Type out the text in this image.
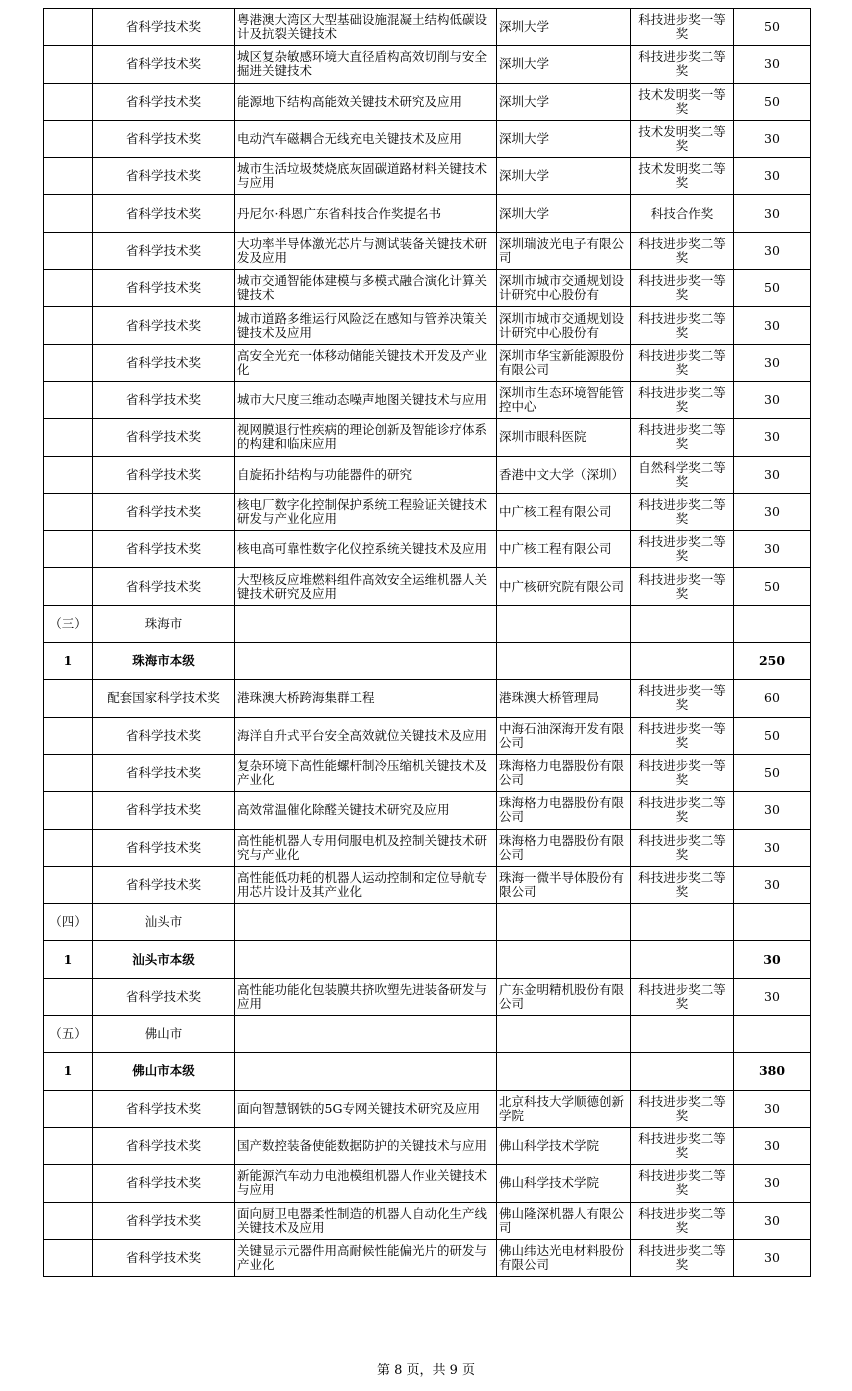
	省科学技术奖	粤港澳大湾区大型基础设施混凝土结构低碳设计及抗裂关键技术	深圳大学	科技进步奖一等奖	50
	省科学技术奖	城区复杂敏感环境大直径盾构高效切削与安全掘进关键技术	深圳大学	科技进步奖二等奖	30
	省科学技术奖	能源地下结构高能效关键技术研究及应用	深圳大学	技术发明奖一等奖	50
	省科学技术奖	电动汽车磁耦合无线充电关键技术及应用	深圳大学	技术发明奖二等奖	30
	省科学技术奖	城市生活垃圾焚烧底灰固碳道路材料关键技术与应用	深圳大学	技术发明奖二等奖	30
	省科学技术奖	丹尼尔·科恩广东省科技合作奖提名书	深圳大学	科技合作奖	30
	省科学技术奖	大功率半导体激光芯片与测试装备关键技术研发及应用	深圳瑞波光电子有限公司	科技进步奖二等奖	30
	省科学技术奖	城市交通智能体建模与多模式融合演化计算关键技术	深圳市城市交通规划设计研究中心股份有	科技进步奖一等奖	50
	省科学技术奖	城市道路多维运行风险泛在感知与管养决策关键技术及应用	深圳市城市交通规划设计研究中心股份有	科技进步奖二等奖	30
	省科学技术奖	高安全光充一体移动储能关键技术开发及产业化	深圳市华宝新能源股份有限公司	科技进步奖二等奖	30
	省科学技术奖	城市大尺度三维动态噪声地图关键技术与应用	深圳市生态环境智能管控中心	科技进步奖二等奖	30
	省科学技术奖	视网膜退行性疾病的理论创新及智能诊疗体系的构建和临床应用	深圳市眼科医院	科技进步奖二等奖	30
	省科学技术奖	自旋拓扑结构与功能器件的研究	香港中文大学（深圳）	自然科学奖二等奖	30
	省科学技术奖	核电厂数字化控制保护系统工程验证关键技术研发与产业化应用	中广核工程有限公司	科技进步奖二等奖	30
	省科学技术奖	核电高可靠性数字化仪控系统关键技术及应用	中广核工程有限公司	科技进步奖二等奖	30
	省科学技术奖	大型核反应堆燃料组件高效安全运维机器人关键技术研究及应用	中广核研究院有限公司	科技进步奖一等奖	50
（三）	珠海市				
1	珠海市本级				250
	配套国家科学技术奖	港珠澳大桥跨海集群工程	港珠澳大桥管理局	科技进步奖一等奖	60
	省科学技术奖	海洋自升式平台安全高效就位关键技术及应用	中海石油深海开发有限公司	科技进步奖一等奖	50
	省科学技术奖	复杂环境下高性能螺杆制冷压缩机关键技术及产业化	珠海格力电器股份有限公司	科技进步奖一等奖	50
	省科学技术奖	高效常温催化除醛关键技术研究及应用	珠海格力电器股份有限公司	科技进步奖二等奖	30
	省科学技术奖	高性能机器人专用伺服电机及控制关键技术研究与产业化	珠海格力电器股份有限公司	科技进步奖二等奖	30
	省科学技术奖	高性能低功耗的机器人运动控制和定位导航专用芯片设计及其产业化	珠海一微半导体股份有限公司	科技进步奖二等奖	30
（四）	汕头市				
1	汕头市本级				30
	省科学技术奖	高性能功能化包装膜共挤吹塑先进装备研发与应用	广东金明精机股份有限公司	科技进步奖二等奖	30
（五）	佛山市				
1	佛山市本级				380
	省科学技术奖	面向智慧钢铁的5G专网关键技术研究及应用	北京科技大学顺德创新学院	科技进步奖二等奖	30
	省科学技术奖	国产数控装备使能数据防护的关键技术与应用	佛山科学技术学院	科技进步奖二等奖	30
	省科学技术奖	新能源汽车动力电池模组机器人作业关键技术与应用	佛山科学技术学院	科技进步奖二等奖	30
	省科学技术奖	面向厨卫电器柔性制造的机器人自动化生产线关键技术及应用	佛山隆深机器人有限公司	科技进步奖二等奖	30
	省科学技术奖	关键显示元器件用高耐候性能偏光片的研发与产业化	佛山纬达光电材料股份有限公司	科技进步奖二等奖	30
第 8 页，共 9 页
